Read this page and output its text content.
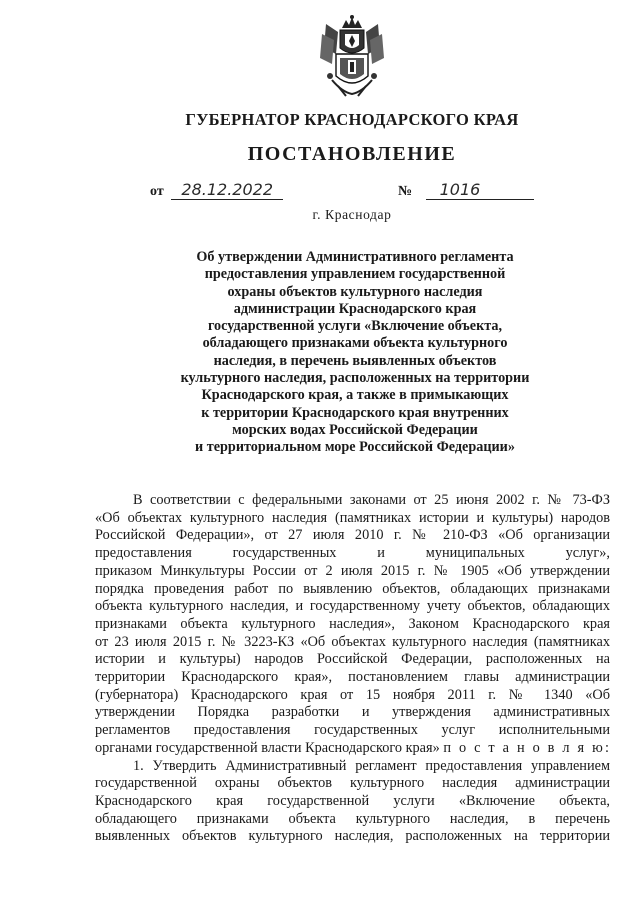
ГУБЕРНАТОР КРАСНОДАРСКОГО КРАЯ
ПОСТАНОВЛЕНИЕ
от 28.12.2022	№ 1016
г. Краснодар
Об утверждении Административного регламента
предоставления управлением государственной
охраны объектов культурного наследия
администрации Краснодарского края
государственной услуги «Включение объекта,
обладающего признаками объекта культурного
наследия, в перечень выявленных объектов
культурного наследия, расположенных на территории
Краснодарского края, а также в примыкающих
к территории Краснодарского края внутренних
морских водах Российской Федерации
и территориальном море Российской Федерации»
В соответствии с федеральными законами от 25 июня 2002 г. № 73-ФЗ
«Об объектах культурного наследия (памятниках истории и культуры) народов
Российской Федерации», от 27 июля 2010 г. № 210-ФЗ «Об организации
предоставления государственных и муниципальных услуг»,
приказом Минкультуры России от 2 июля 2015 г. № 1905 «Об утверждении
порядка проведения работ по выявлению объектов, обладающих признаками
объекта культурного наследия, и государственному учету объектов, обладающих
признаками объекта культурного наследия», Законом Краснодарского края
от 23 июля 2015 г. № 3223-КЗ «Об объектах культурного наследия (памятниках
истории и культуры) народов Российской Федерации, расположенных на
территории Краснодарского края», постановлением главы администрации
(губернатора) Краснодарского края от 15 ноября 2011 г. № 1340 «Об
утверждении Порядка разработки и утверждения административных
регламентов предоставления государственных услуг исполнительными
органами государственной власти Краснодарского края» п о с т а н о в л я ю:
1. Утвердить Административный регламент предоставления управлением
государственной охраны объектов культурного наследия администрации
Краснодарского края государственной услуги «Включение объекта,
обладающего признаками объекта культурного наследия, в перечень
выявленных объектов культурного наследия, расположенных на территории
